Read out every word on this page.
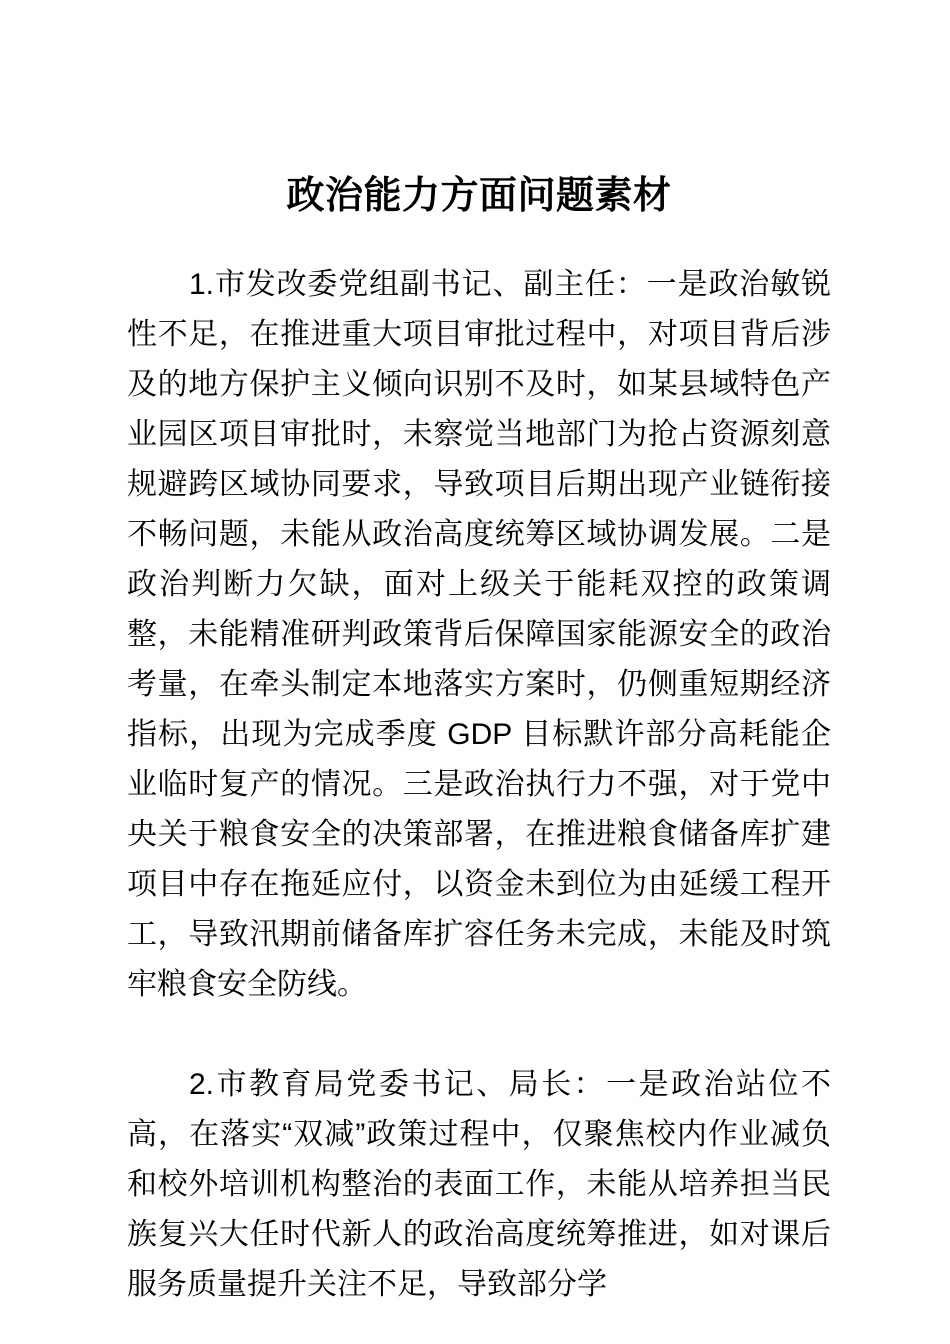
政治能力方面问题素材

1.市发改委党组副书记、副主任：一是政治敏锐性不足，在推进重大项目审批过程中，对项目背后涉及的地方保护主义倾向识别不及时，如某县域特色产业园区项目审批时，未察觉当地部门为抢占资源刻意规避跨区域协同要求，导致项目后期出现产业链衔接不畅问题，未能从政治高度统筹区域协调发展。二是政治判断力欠缺，面对上级关于能耗双控的政策调整，未能精准研判政策背后保障国家能源安全的政治考量，在牵头制定本地落实方案时，仍侧重短期经济指标，出现为完成季度 GDP 目标默许部分高耗能企业临时复产的情况。三是政治执行力不强，对于党中央关于粮食安全的决策部署，在推进粮食储备库扩建项目中存在拖延应付，以资金未到位为由延缓工程开工，导致汛期前储备库扩容任务未完成，未能及时筑牢粮食安全防线。

2.市教育局党委书记、局长：一是政治站位不高，在落实“双减”政策过程中，仅聚焦校内作业减负和校外培训机构整治的表面工作，未能从培养担当民族复兴大任时代新人的政治高度统筹推进，如对课后服务质量提升关注不足，导致部分学
